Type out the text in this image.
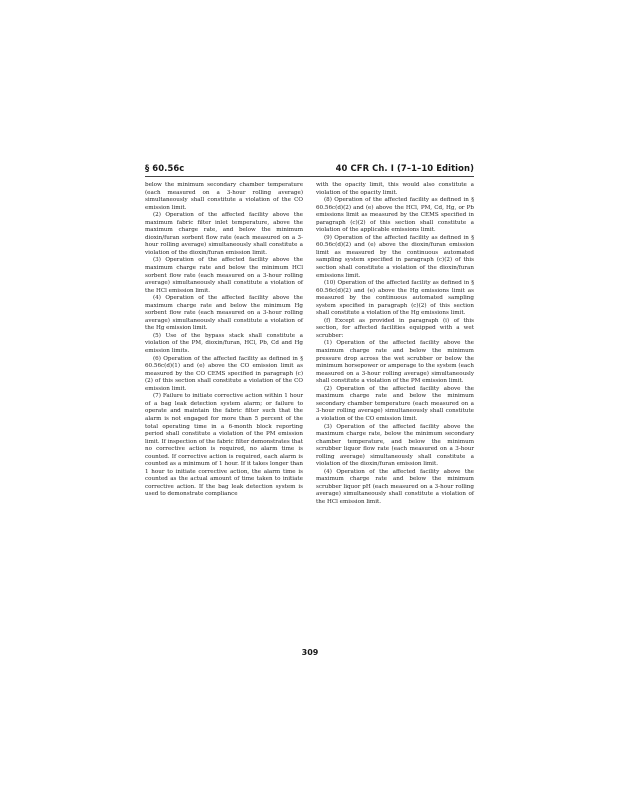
§ 60.56c	40 CFR Ch. I (7–1–10 Edition)

below the minimum secondary chamber temperature (each measured on a 3-hour rolling average) simultaneously shall constitute a violation of the CO emission limit.

(2) Operation of the affected facility above the maximum fabric filter inlet temperature, above the maximum charge rate, and below the minimum dioxin/furan sorbent flow rate (each measured on a 3-hour rolling average) simultaneously shall constitute a violation of the dioxin/furan emission limit.

(3) Operation of the affected facility above the maximum charge rate and below the minimum HCl sorbent flow rate (each measured on a 3-hour rolling average) simultaneously shall constitute a violation of the HCl emission limit.

(4) Operation of the affected facility above the maximum charge rate and below the minimum Hg sorbent flow rate (each measured on a 3-hour rolling average) simultaneously shall constitute a violation of the Hg emission limit.

(5) Use of the bypass stack shall constitute a violation of the PM, dioxin/furan, HCl, Pb, Cd and Hg emission limits.

(6) Operation of the affected facility as defined in § 60.56c(d)(1) and (e) above the CO emission limit as measured by the CO CEMS specified in paragraph (c)(2) of this section shall constitute a violation of the CO emission limit.

(7) Failure to initiate corrective action within 1 hour of a bag leak detection system alarm; or failure to operate and maintain the fabric filter such that the alarm is not engaged for more than 5 percent of the total operating time in a 6-month block reporting period shall constitute a violation of the PM emission limit. If inspection of the fabric filter demonstrates that no corrective action is required, no alarm time is counted. If corrective action is required, each alarm is counted as a minimum of 1 hour. If it takes longer than 1 hour to initiate corrective action, the alarm time is counted as the actual amount of time taken to initiate corrective action. If the bag leak detection system is used to demonstrate compliance

with the opacity limit, this would also constitute a violation of the opacity limit.

(8) Operation of the affected facility as defined in § 60.56c(d)(2) and (e) above the HCl, PM, Cd, Hg, or Pb emissions limit as measured by the CEMS specified in paragraph (c)(2) of this section shall constitute a violation of the applicable emissions limit.

(9) Operation of the affected facility as defined in § 60.56c(d)(2) and (e) above the dioxin/furan emission limit as measured by the continuous automated sampling system specified in paragraph (c)(2) of this section shall constitute a violation of the dioxin/furan emissions limit.

(10) Operation of the affected facility as defined in § 60.56c(d)(2) and (e) above the Hg emissions limit as measured by the continuous automated sampling system specified in paragraph (c)(2) of this section shall constitute a violation of the Hg emissions limit.

(f) Except as provided in paragraph (i) of this section, for affected facilities equipped with a wet scrubber:

(1) Operation of the affected facility above the maximum charge rate and below the minimum pressure drop across the wet scrubber or below the minimum horsepower or amperage to the system (each measured on a 3-hour rolling average) simultaneously shall constitute a violation of the PM emission limit.

(2) Operation of the affected facility above the maximum charge rate and below the minimum secondary chamber temperature (each measured on a 3-hour rolling average) simultaneously shall constitute a violation of the CO emission limit.

(3) Operation of the affected facility above the maximum charge rate, below the minimum secondary chamber temperature, and below the minimum scrubber liquor flow rate (each measured on a 3-hour rolling average) simultaneously shall constitute a violation of the dioxin/furan emission limit.

(4) Operation of the affected facility above the maximum charge rate and below the minimum scrubber liquor pH (each measured on a 3-hour rolling average) simultaneously shall constitute a violation of the HCl emission limit.

309
